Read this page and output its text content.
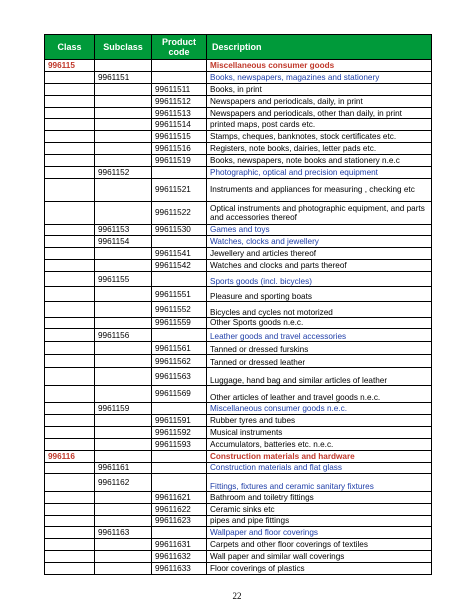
Class	Subclass	Product code	Description
996115			Miscellaneous consumer goods
	9961151		Books, newspapers, magazines and stationery
		99611511	Books, in print
		99611512	Newspapers and periodicals, daily, in print
		99611513	Newspapers and periodicals, other than daily, in print
		99611514	printed maps, post cards etc.
		99611515	Stamps, cheques, banknotes, stock certificates etc.
		99611516	Registers, note books, dairies, letter pads etc.
		99611519	Books, newspapers, note books and stationery n.e.c
	9961152		Photographic, optical and precision equipment
		99611521	Instruments and appliances for measuring , checking etc
		99611522	Optical instruments and photographic equipment, and parts and accessories thereof
	9961153	99611530	Games and toys
	9961154		Watches, clocks and jewellery
		99611541	Jewellery and articles thereof
		99611542	Watches and clocks and parts thereof
	9961155		Sports goods (incl. bicycles)
		99611551	Pleasure and sporting boats
		99611552	Bicycles and cycles not motorized
		99611559	Other Sports goods n.e.c.
	9961156		Leather goods and travel accessories
		99611561	Tanned or dressed furskins
		99611562	Tanned or dressed leather
		99611563	Luggage, hand bag and similar articles of leather
		99611569	Other articles of leather and travel goods n.e.c.
	9961159		Miscellaneous consumer goods n.e.c.
		99611591	Rubber tyres and tubes
		99611592	Musical instruments
		99611593	Accumulators, batteries etc. n.e.c.
996116			Construction materials and hardware
	9961161		Construction materials and flat glass
	9961162		Fittings, fixtures and ceramic sanitary fixtures
		99611621	Bathroom and toiletry fittings
		99611622	Ceramic sinks etc
		99611623	pipes and pipe fittings
	9961163		Wallpaper and floor coverings
		99611631	Carpets and other floor coverings of textiles
		99611632	Wall paper and similar wall coverings
		99611633	Floor coverings of plastics
22
